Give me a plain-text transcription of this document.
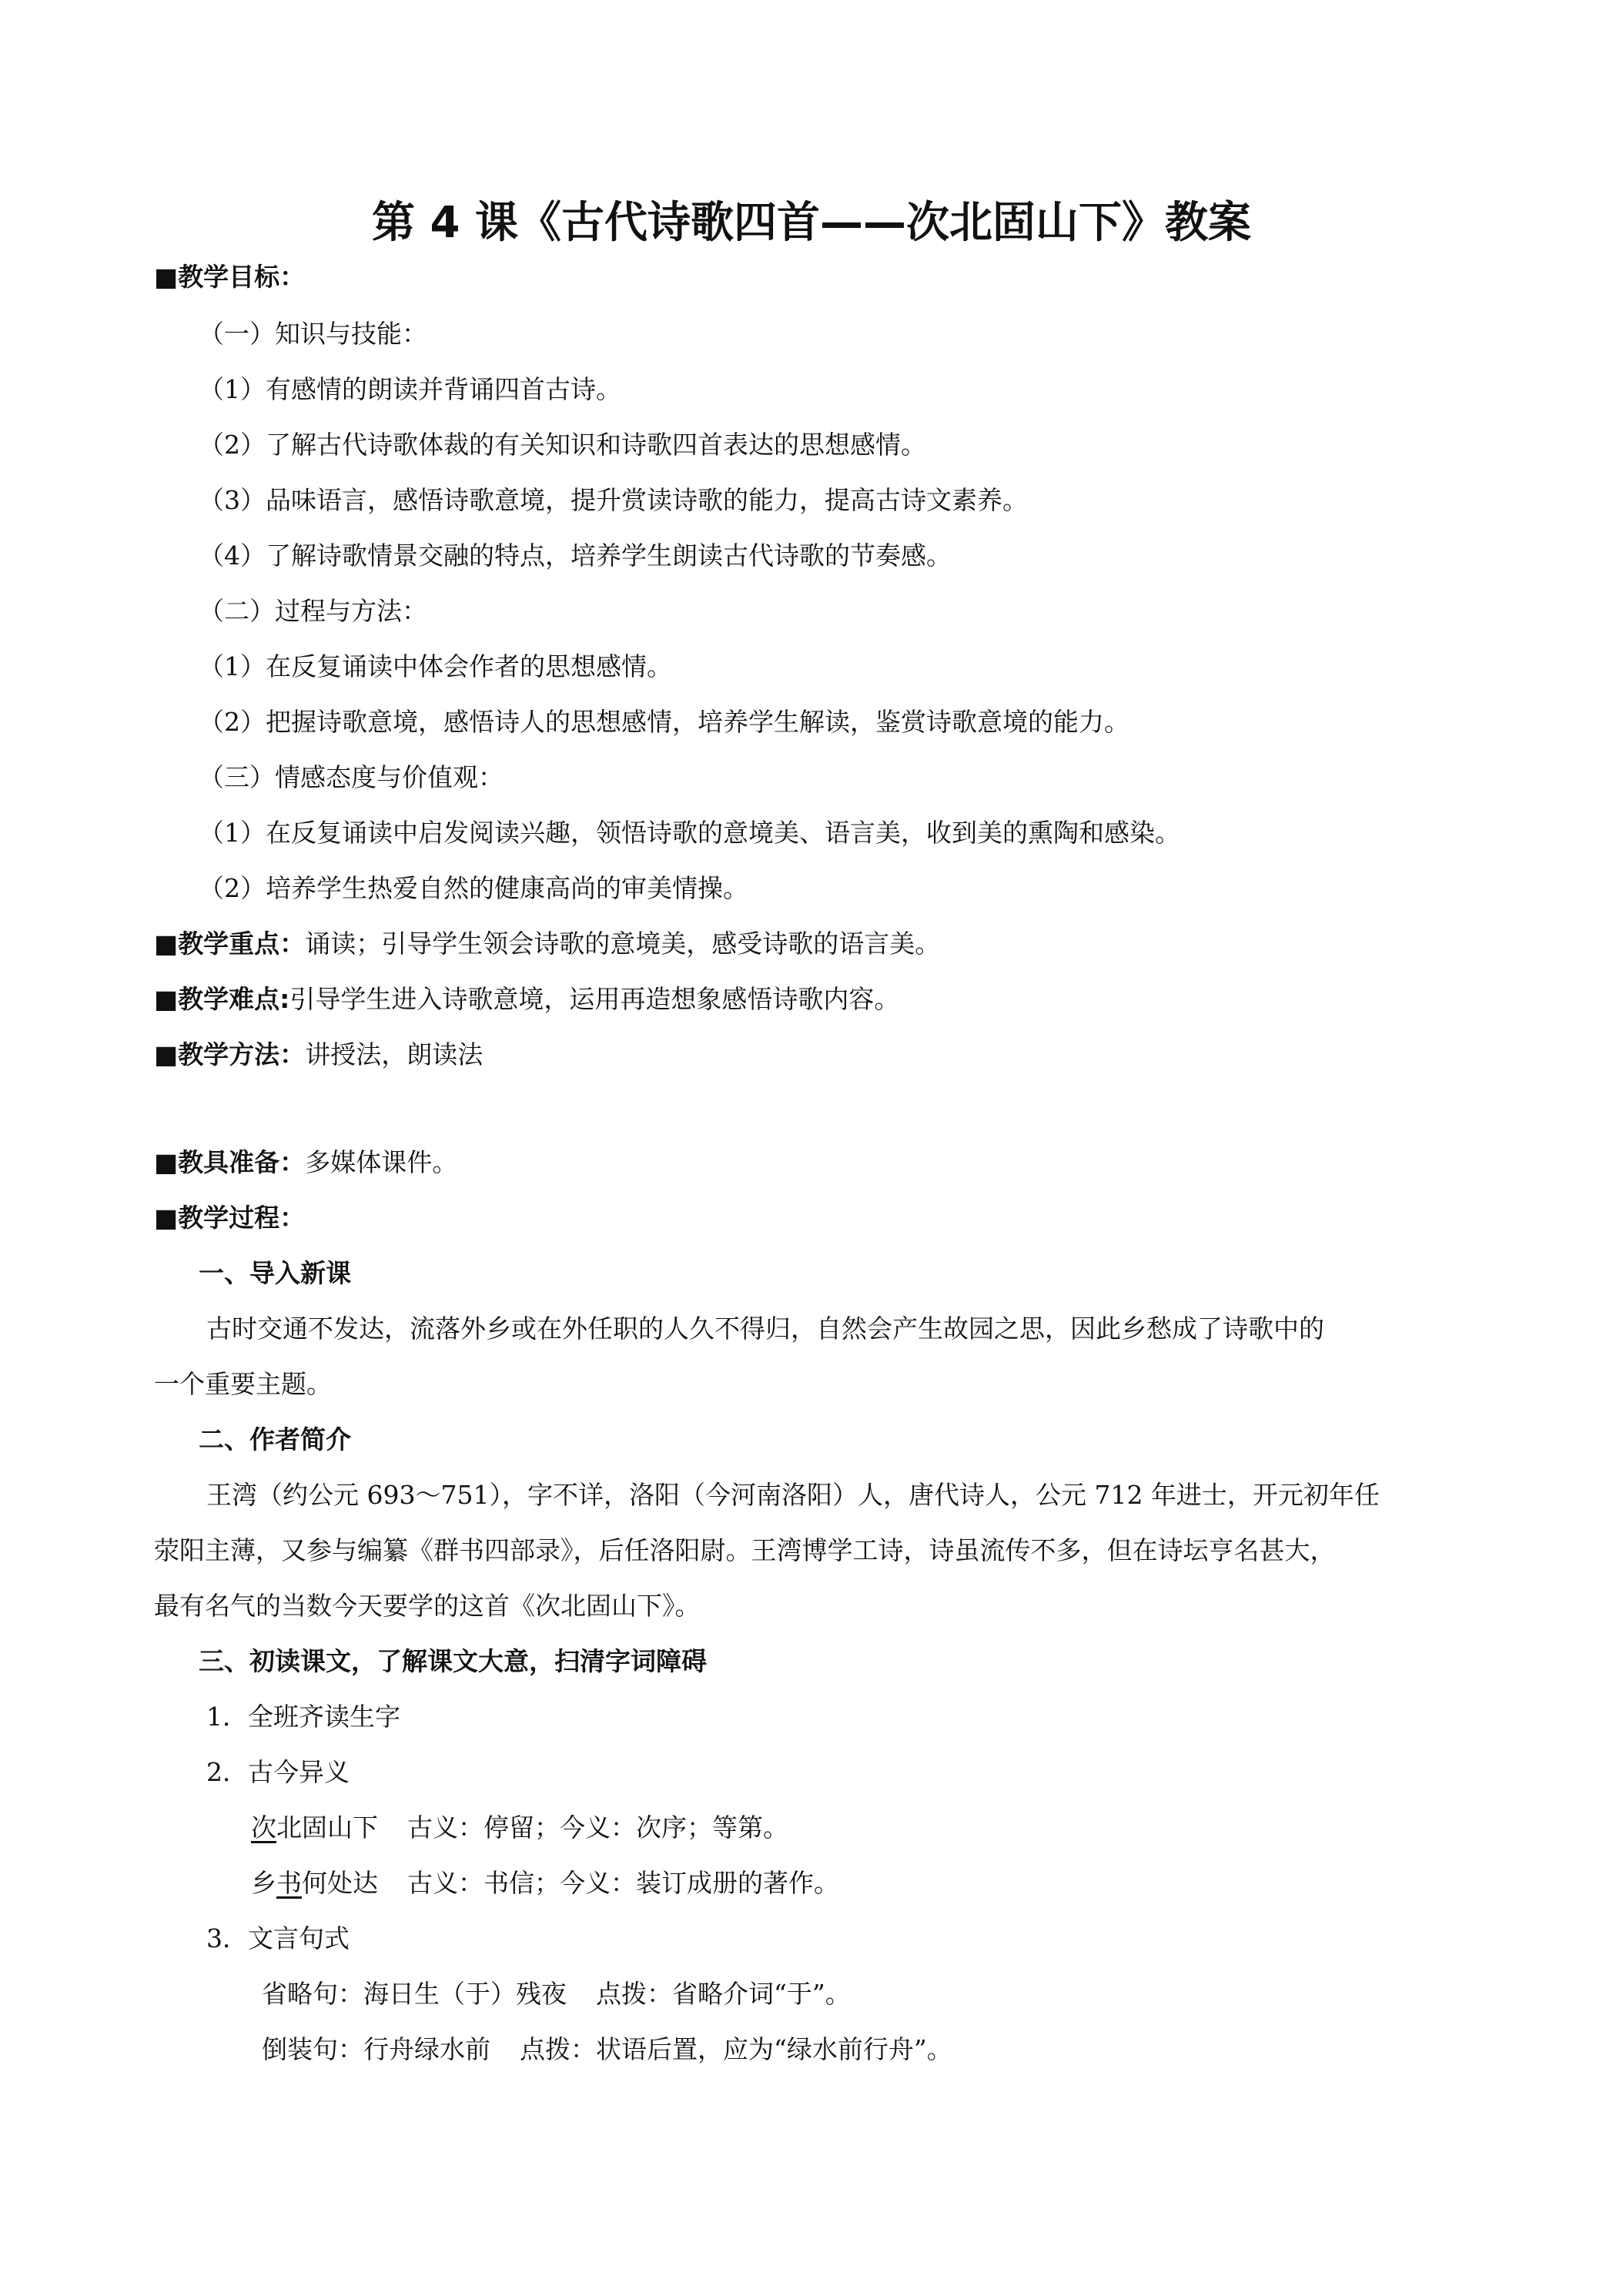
第 4 课《古代诗歌四首——次北固山下》教案
■教学目标：
（一）知识与技能：
（1）有感情的朗读并背诵四首古诗。
（2）了解古代诗歌体裁的有关知识和诗歌四首表达的思想感情。
（3）品味语言，感悟诗歌意境，提升赏读诗歌的能力，提高古诗文素养。
（4）了解诗歌情景交融的特点，培养学生朗读古代诗歌的节奏感。
（二）过程与方法：
（1）在反复诵读中体会作者的思想感情。
（2）把握诗歌意境，感悟诗人的思想感情，培养学生解读，鉴赏诗歌意境的能力。
（三）情感态度与价值观：
（1）在反复诵读中启发阅读兴趣，领悟诗歌的意境美、语言美，收到美的熏陶和感染。
（2）培养学生热爱自然的健康高尚的审美情操。
■教学重点：诵读；引导学生领会诗歌的意境美，感受诗歌的语言美。
■教学难点:引导学生进入诗歌意境，运用再造想象感悟诗歌内容。
■教学方法：讲授法，朗读法
■教具准备：多媒体课件。
■教学过程：
一、导入新课
古时交通不发达，流落外乡或在外任职的人久不得归，自然会产生故园之思，因此乡愁成了诗歌中的
一个重要主题。
二、作者简介
王湾（约公元 693～751），字不详，洛阳（今河南洛阳）人，唐代诗人，公元 712 年进士，开元初年任
荥阳主薄，又参与编纂《群书四部录》，后任洛阳尉。王湾博学工诗，诗虽流传不多，但在诗坛亨名甚大，
最有名气的当数今天要学的这首《次北固山下》。
三、初读课文，了解课文大意，扫清字词障碍
1．全班齐读生字
2．古今异义
次北固山下 古义：停留；今义：次序；等第。
乡书何处达 古义：书信；今义：装订成册的著作。
3．文言句式
省略句：海日生（于）残夜 点拨：省略介词“于”。
倒装句：行舟绿水前 点拨：状语后置，应为“绿水前行舟”。
